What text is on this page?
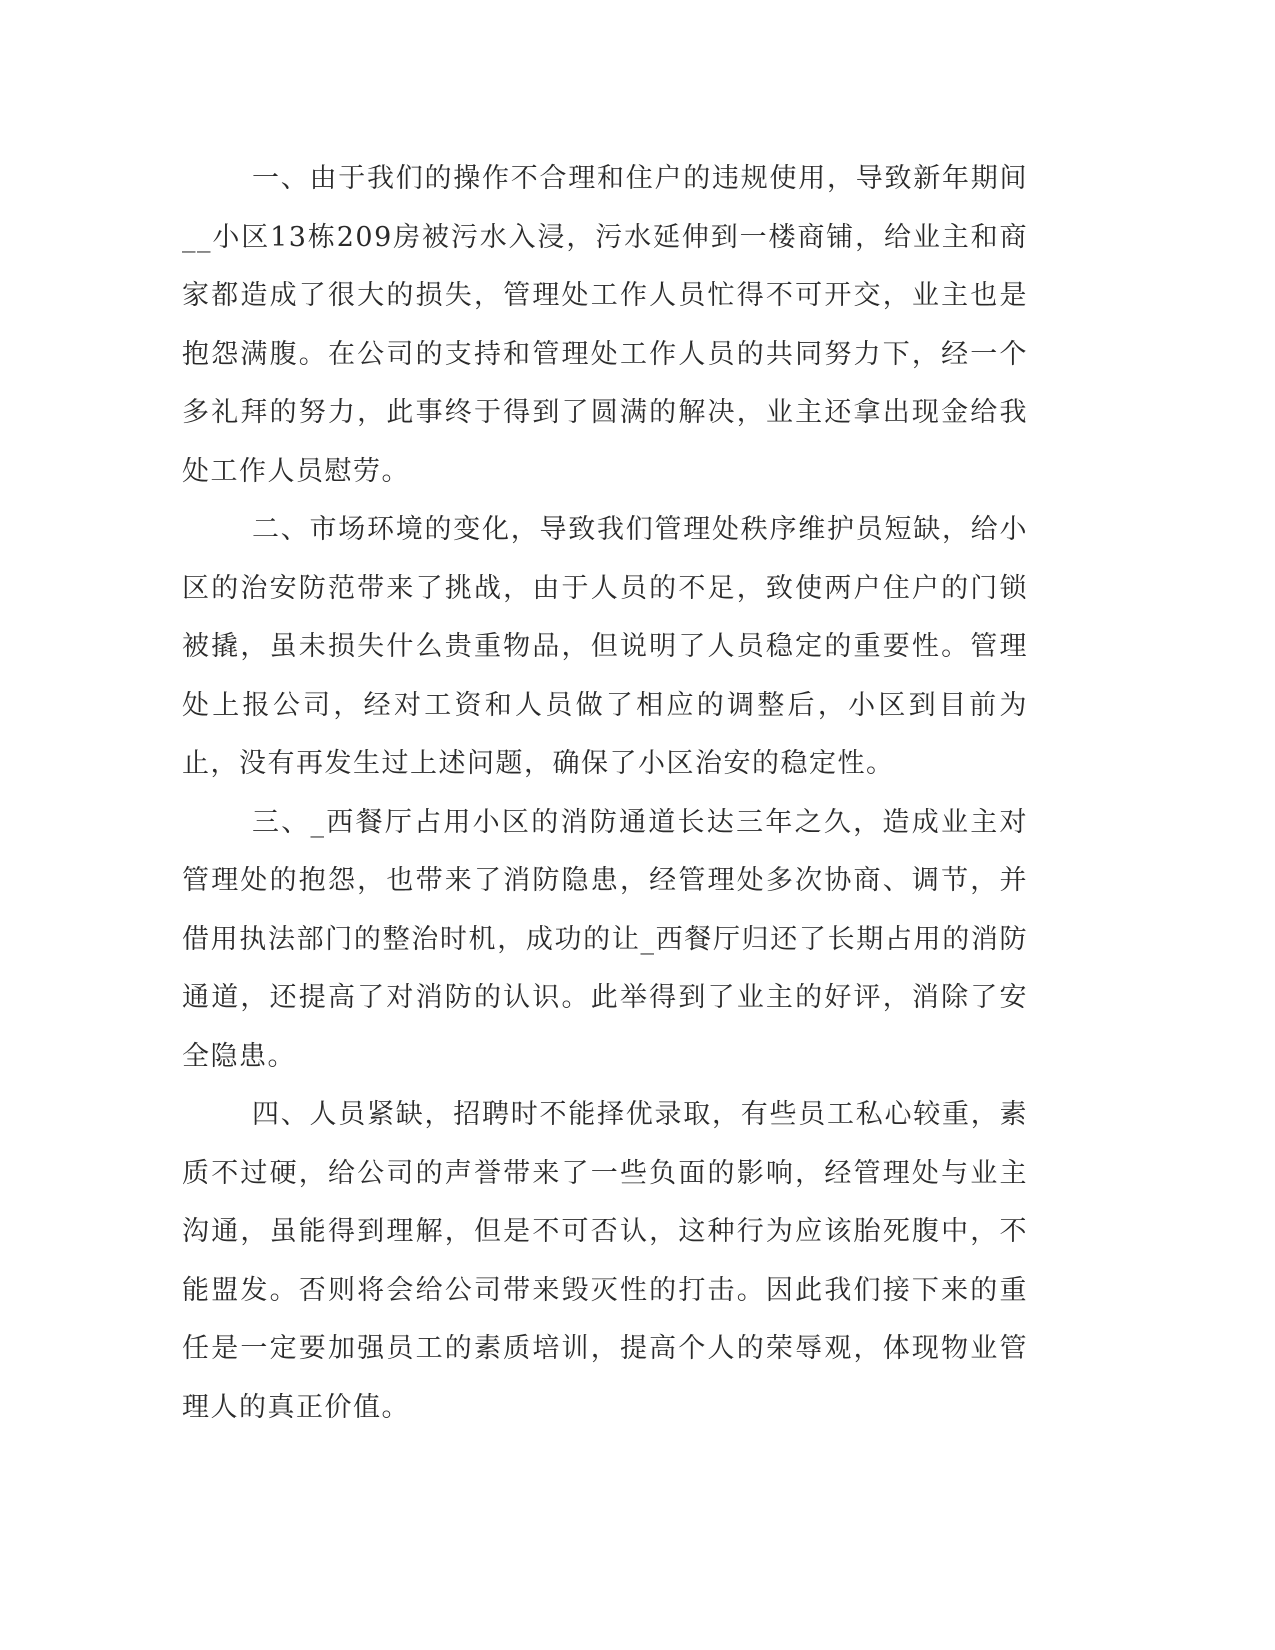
一、由于我们的操作不合理和住户的违规使用，导致新年期间__小区13栋209房被污水入浸，污水延伸到一楼商铺，给业主和商家都造成了很大的损失，管理处工作人员忙得不可开交，业主也是抱怨满腹。在公司的支持和管理处工作人员的共同努力下，经一个多礼拜的努力，此事终于得到了圆满的解决，业主还拿出现金给我处工作人员慰劳。

二、市场环境的变化，导致我们管理处秩序维护员短缺，给小区的治安防范带来了挑战，由于人员的不足，致使两户住户的门锁被撬，虽未损失什么贵重物品，但说明了人员稳定的重要性。管理处上报公司，经对工资和人员做了相应的调整后，小区到目前为止，没有再发生过上述问题，确保了小区治安的稳定性。

三、_西餐厅占用小区的消防通道长达三年之久，造成业主对管理处的抱怨，也带来了消防隐患，经管理处多次协商、调节，并借用执法部门的整治时机，成功的让_西餐厅归还了长期占用的消防通道，还提高了对消防的认识。此举得到了业主的好评，消除了安全隐患。

四、人员紧缺，招聘时不能择优录取，有些员工私心较重，素质不过硬，给公司的声誉带来了一些负面的影响，经管理处与业主沟通，虽能得到理解，但是不可否认，这种行为应该胎死腹中，不能盟发。否则将会给公司带来毁灭性的打击。因此我们接下来的重任是一定要加强员工的素质培训，提高个人的荣辱观，体现物业管理人的真正价值。
